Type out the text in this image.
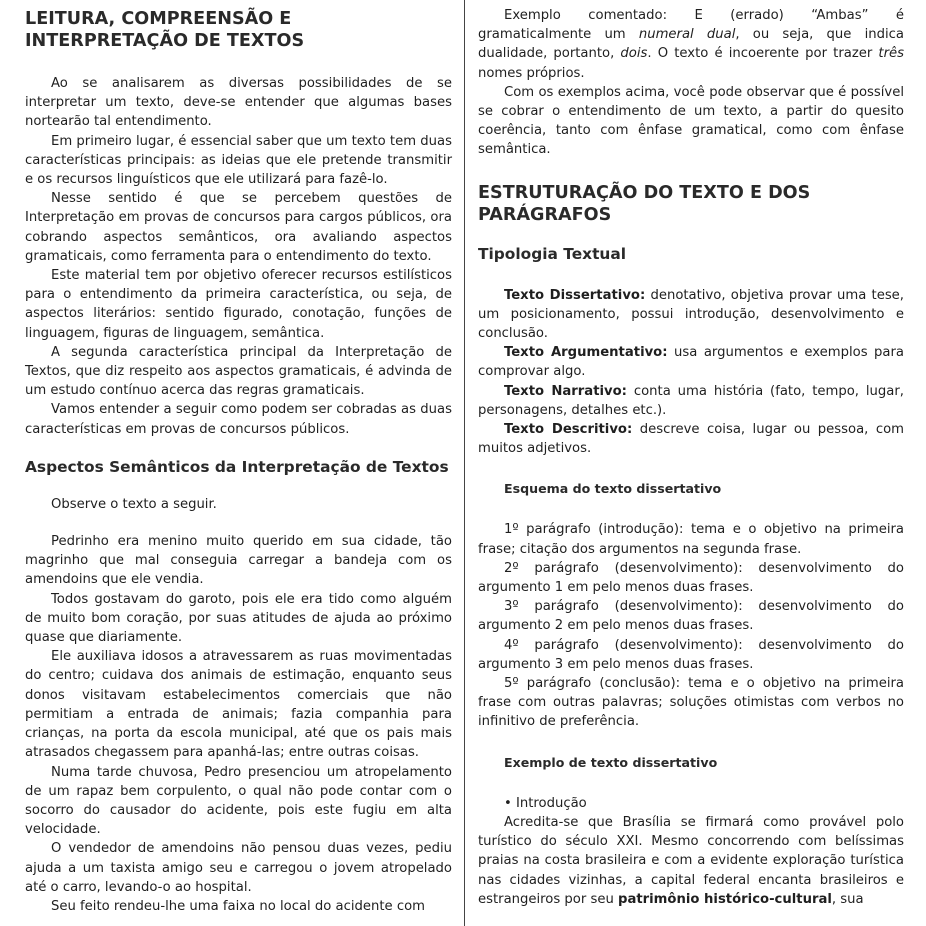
LEITURA, COMPREENSÃO E
INTERPRETAÇÃO DE TEXTOS

Ao se analisarem as diversas possibilidades de se interpretar um texto, deve-se entender que algumas bases nortearão tal entendimento.

Em primeiro lugar, é essencial saber que um texto tem duas características principais: as ideias que ele pretende transmitir e os recursos linguísticos que ele utilizará para fazê-lo.

Nesse sentido é que se percebem questões de Interpretação em provas de concursos para cargos públicos, ora cobrando aspectos semânticos, ora avaliando aspectos gramaticais, como ferramenta para o entendimento do texto.

Este material tem por objetivo oferecer recursos estilísticos para o entendimento da primeira característica, ou seja, de aspectos literários: sentido figurado, conotação, funções de linguagem, figuras de linguagem, semântica.

A segunda característica principal da Interpretação de Textos, que diz respeito aos aspectos gramaticais, é advinda de um estudo contínuo acerca das regras gramaticais.

Vamos entender a seguir como podem ser cobradas as duas características em provas de concursos públicos.

Aspectos Semânticos da Interpretação de Textos

Observe o texto a seguir.

Pedrinho era menino muito querido em sua cidade, tão magrinho que mal conseguia carregar a bandeja com os amendoins que ele vendia.

Todos gostavam do garoto, pois ele era tido como alguém de muito bom coração, por suas atitudes de ajuda ao próximo quase que diariamente.

Ele auxiliava idosos a atravessarem as ruas movimentadas do centro; cuidava dos animais de estimação, enquanto seus donos visitavam estabelecimentos comerciais que não permitiam a entrada de animais; fazia companhia para crianças, na porta da escola municipal, até que os pais mais atrasados chegassem para apanhá-las; entre outras coisas.

Numa tarde chuvosa, Pedro presenciou um atropelamento de um rapaz bem corpulento, o qual não pode contar com o socorro do causador do acidente, pois este fugiu em alta velocidade.

O vendedor de amendoins não pensou duas vezes, pediu ajuda a um taxista amigo seu e carregou o jovem atropelado até o carro, levando-o ao hospital.

Seu feito rendeu-lhe uma faixa no local do acidente com

Exemplo comentado: E (errado) “Ambas” é gramaticalmente um numeral dual, ou seja, que indica dualidade, portanto, dois. O texto é incoerente por trazer três nomes próprios.

Com os exemplos acima, você pode observar que é possível se cobrar o entendimento de um texto, a partir do quesito coerência, tanto com ênfase gramatical, como com ênfase semântica.

ESTRUTURAÇÃO DO TEXTO E DOS
PARÁGRAFOS
Tipologia Textual

Texto Dissertativo: denotativo, objetiva provar uma tese, um posicionamento, possui introdução, desenvolvimento e conclusão.

Texto Argumentativo: usa argumentos e exemplos para comprovar algo.

Texto Narrativo: conta uma história (fato, tempo, lugar, personagens, detalhes etc.).

Texto Descritivo: descreve coisa, lugar ou pessoa, com muitos adjetivos.

Esquema do texto dissertativo

1º parágrafo (introdução): tema e o objetivo na primeira frase; citação dos argumentos na segunda frase.

2º parágrafo (desenvolvimento): desenvolvimento do argumento 1 em pelo menos duas frases.

3º parágrafo (desenvolvimento): desenvolvimento do argumento 2 em pelo menos duas frases.

4º parágrafo (desenvolvimento): desenvolvimento do argumento 3 em pelo menos duas frases.

5º parágrafo (conclusão): tema e o objetivo na primeira frase com outras palavras; soluções otimistas com verbos no infinitivo de preferência.

Exemplo de texto dissertativo

• Introdução

Acredita-se que Brasília se firmará como provável polo turístico do século XXI. Mesmo concorrendo com belíssimas praias na costa brasileira e com a evidente exploração turística nas cidades vizinhas, a capital federal encanta brasileiros e estrangeiros por seu patrimônio histórico-cultural, sua
